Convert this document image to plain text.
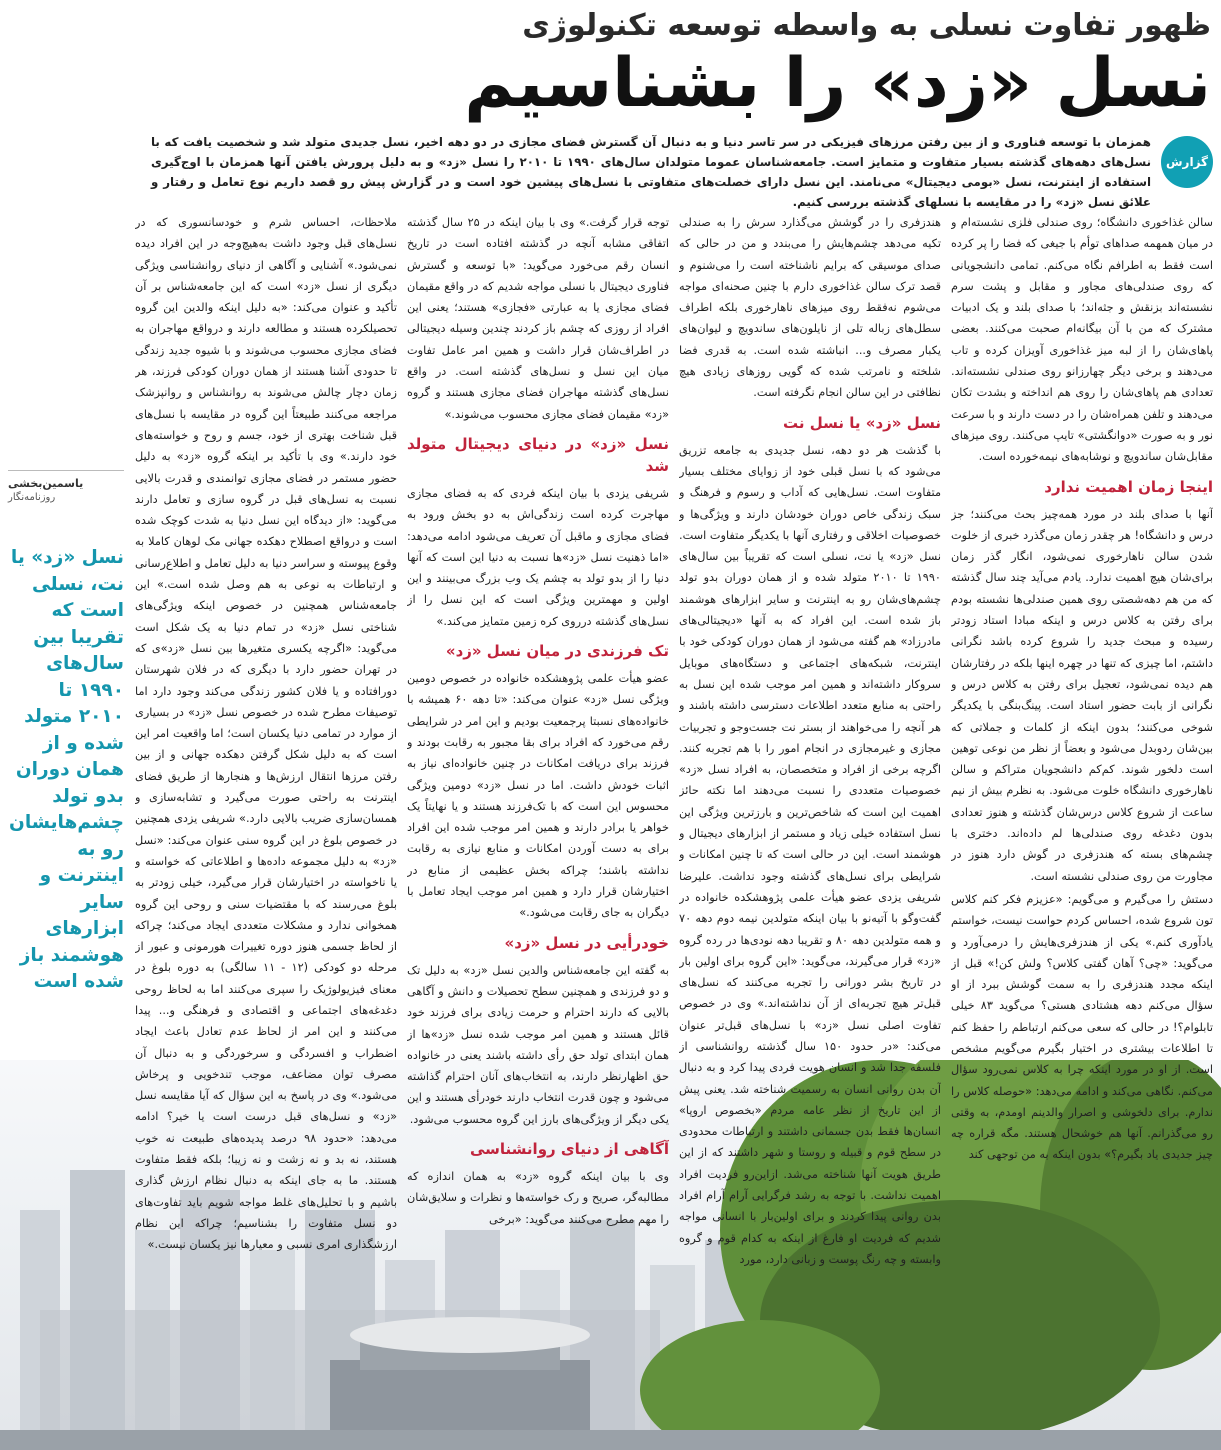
ظهور تفاوت نسلی به واسطه توسعه تکنولوژی
نسل «زد» را بشناسیم
گزارش

همزمان با توسعه فناوری و از بین رفتن مرزهای فیزیکی در سر تاسر دنیا و به دنبال آن گسترش فضای مجازی در دو دهه اخیر، نسل جدیدی متولد شد و شخصیت یافت که با نسل‌های دهه‌های گذشته بسیار متفاوت و متمایز است. جامعه‌شناسان عموما متولدان سال‌های ۱۹۹۰ تا ۲۰۱۰ را نسل «زد» و به دلیل پرورش یافتن آنها همزمان با اوج‌گیری استفاده از اینترنت، نسل «بومی دیجیتال» می‌نامند. این نسل دارای خصلت‌های متفاوتی با نسل‌های پیشین خود است و در گزارش پیش رو قصد داریم نوع تعامل و رفتار و علائق نسل «زد» را در مقایسه با نسلهای گذشته بررسی کنیم.

سالن غذاخوری دانشگاه؛ روی صندلی فلزی نشسته‌ام و در میان همهمه صداهای توأم با جیغی که فضا را پر کرده است فقط به اطرافم نگاه می‌کنم. تمامی دانشجویانی که روی صندلی‌های مجاور و مقابل و پشت سرم نشسته‌اند بزنقش و جثه‌اند؛ با صدای بلند و یک ادبیات مشترک که من با آن بیگانه‌ام صحبت می‌کنند. بعضی پاهای‌شان را از لبه میز غذاخوری آویزان کرده و تاب می‌دهند و برخی دیگر چهارزانو روی صندلی نشسته‌اند. تعدادی هم پاهای‌شان را روی هم انداخته و بشدت تکان می‌دهند و تلفن همراه‌شان را در دست دارند و با سرعت نور و به صورت «دوانگشتی» تایپ می‌کنند. روی میزهای مقابل‌شان ساندویچ و نوشابه‌های نیمه‌خورده است.

اینجا زمان اهمیت ندارد

آنها با صدای بلند در مورد همه‌چیز بحث می‌کنند؛ جز درس و دانشگاه! هر چقدر زمان می‌گذرد خبری از خلوت شدن سالن ناهارخوری نمی‌شود، انگار گذر زمان برای‌شان هیچ اهمیت ندارد. یادم می‌آید چند سال گذشته که من هم دهه‌شصتی روی همین صندلی‌ها نشسته بودم برای رفتن به کلاس درس و اینکه مبادا استاد زودتر رسیده و مبحث جدید را شروع کرده باشد نگرانی داشتم، اما چیزی که تنها در چهره اینها بلکه در رفتارشان هم دیده نمی‌شود، تعجیل برای رفتن به کلاس درس و نگرانی از بابت حضور استاد است. پینگ‌بنگی با یکدیگر شوخی می‌کنند؛ بدون اینکه از کلمات و جملاتی که بین‌شان ردوبدل می‌شود و بعضاً از نظر من نوعی توهین است دلخور شوند. کم‌کم دانشجویان متراکم و سالن ناهارخوری دانشگاه خلوت می‌شود. به نظرم بیش از نیم ساعت از شروع کلاس درس‌شان گذشته و هنوز تعدادی بدون دغدغه روی صندلی‌ها لم داده‌اند. دختری با چشم‌های بسته که هندزفری در گوش دارد هنوز در مجاورت من روی صندلی نشسته است.

دستش را می‌گیرم و می‌گویم: «عزیزم فکر کنم کلاس تون شروع شده، احساس کردم حواست نیست، خواستم یادآوری کنم.» یکی از هندزفری‌هایش را درمی‌آورد و می‌گوید: «چی؟ آهان گفتی کلاس؟ ولش کن!» قبل از اینکه مجدد هندزفری را به سمت گوشش ببرد از او سؤال می‌کنم دهه هشتادی هستی؟ می‌گوید ۸۳ خیلی تابلوام؟! در حالی که سعی می‌کنم ارتباطم را حفظ کنم تا اطلاعات بیشتری در اختیار بگیرم می‌گویم مشخص است. از او در مورد اینکه چرا به کلاس نمی‌رود سؤال می‌کنم. نگاهی می‌کند و ادامه می‌دهد: «حوصله کلاس را ندارم. برای دلخوشی و اصرار والدینم اومدم، به وقتی رو می‌گذرانم. آنها هم خوشحال هستند. مگه قراره چه چیز جدیدی یاد بگیرم؟» بدون اینکه به من توجهی کند

هندزفری را در گوشش می‌گذارد سرش را به صندلی تکیه می‌دهد چشم‌هایش را می‌بندد و من در حالی که صدای موسیقی که برایم ناشناخته است را می‌شنوم و قصد ترک سالن غذاخوری دارم با چنین صحنه‌ای مواجه می‌شوم نه‌فقط روی میزهای ناهارخوری بلکه اطراف سطل‌های زباله تلی از نایلون‌های ساندویچ و لیوان‌های یکبار مصرف و... انباشته شده است. به قدری فضا شلخته و نامرتب شده که گویی روزهای زیادی هیچ نظافتی در این سالن انجام نگرفته است.

نسل «زد» یا نسل نت

با گذشت هر دو دهه، نسل جدیدی به جامعه تزریق می‌شود که با نسل قبلی خود از زوایای مختلف بسیار متفاوت است. نسل‌هایی که آداب و رسوم و فرهنگ و سبک زندگی خاص دوران خودشان دارند و ویژگی‌ها و خصوصیات اخلاقی و رفتاری آنها با یکدیگر متفاوت است. نسل «زد» یا نت، نسلی است که تقریباً بین سال‌های ۱۹۹۰ تا ۲۰۱۰ متولد شده و از همان دوران بدو تولد چشم‌های‌شان رو به اینترنت و سایر ابزارهای هوشمند باز شده است. این افراد که به آنها «دیجیتالی‌های مادرزاد» هم گفته می‌شود از همان دوران کودکی خود با اینترنت، شبکه‌های اجتماعی و دستگاه‌های موبایل سروکار داشته‌اند و همین امر موجب شده این نسل به راحتی به منابع متعدد اطلاعات دسترسی داشته باشند و هر آنچه را می‌خواهند از بستر نت جست‌وجو و تجربیات مجازی و غیرمجازی در انجام امور را با هم تجربه کنند. اگرچه برخی از افراد و متخصصان، به افراد نسل «زد» خصوصیات متعددی را نسبت می‌دهند اما نکته حائز اهمیت این است که شاخص‌ترین و بارزترین ویژگی این نسل استفاده خیلی زیاد و مستمر از ابزارهای دیجیتال و هوشمند است. این در حالی است که تا چنین امکانات و شرایطی برای نسل‌های گذشته وجود نداشت. علیرضا شریفی یزدی عضو هیأت علمی پژوهشکده خانواده در گفت‌وگو با آتیه‌نو با بیان اینکه متولدین نیمه دوم دهه ۷۰ و همه متولدین دهه ۸۰ و تقریبا دهه نودی‌ها در رده گروه «زد» قرار می‌گیرند، می‌گوید: «این گروه برای اولین بار در تاریخ بشر دورانی را تجربه می‌کنند که نسل‌های قبل‌تر هیچ تجربه‌ای از آن نداشته‌اند.» وی در خصوص تفاوت اصلی نسل «زد» با نسل‌های قبل‌تر عنوان می‌کند: «در حدود ۱۵۰ سال گذشته روانشناسی از فلسفه جدا شد و انسان هویت فردی پیدا کرد و به دنبال آن بدن روانی انسان به رسمیت شناخته شد. یعنی پیش از این تاریخ از نظر عامه مردم «بخصوص اروپا» انسان‌ها فقط بدن جسمانی داشتند و ارتباطات محدودی در سطح قوم و قبیله و روستا و شهر داشتند که از این طریق هویت آنها شناخته می‌شد. ازاین‌رو فردیت افراد اهمیت نداشت. با توجه به رشد فرگرایی آرام آرام افراد بدن روانی پیدا کردند و برای اولین‌بار با انسانی مواجه شدیم که فردیت او فارغ از اینکه به کدام قوم و گروه وابسته و چه رنگ پوست و زبانی دارد، مورد

توجه قرار گرفت.» وی با بیان اینکه در ۲۵ سال گذشته اتفاقی مشابه آنچه در گذشته افتاده است در تاریخ انسان رقم می‌خورد می‌گوید: «با توسعه و گسترش فناوری دیجیتال با نسلی مواجه شدیم که در واقع مقیمان فضای مجازی یا به عبارتی «فجازی» هستند؛ یعنی این افراد از روزی که چشم باز کردند چندین وسیله دیجیتالی در اطراف‌شان قرار داشت و همین امر عامل تفاوت میان این نسل و نسل‌های گذشته است. در واقع نسل‌های گذشته مهاجران فضای مجازی هستند و گروه «زد» مقیمان فضای مجازی محسوب می‌شوند.»

نسل «زد» در دنیای دیجیتال متولد شد

شریفی یزدی با بیان اینکه فردی که به فضای مجازی مهاجرت کرده است زندگی‌اش به دو بخش ورود به فضای مجازی و ماقبل آن تعریف می‌شود ادامه می‌دهد: «اما ذهنیت نسل «زد»ها نسبت به دنیا این است که آنها دنیا را از بدو تولد به چشم یک وب بزرگ می‌بینند و این اولین و مهمترین ویژگی است که این نسل را از نسل‌های گذشته درروی کره زمین متمایز می‌کند.»

تک فرزندی در میان نسل «زد»

عضو هیأت علمی پژوهشکده خانواده در خصوص دومین ویژگی نسل «زد» عنوان می‌کند: «تا دهه ۶۰ همیشه با خانواده‌های نسبتا پرجمعیت بودیم و این امر در شرایطی رقم می‌خورد که افراد برای بقا مجبور به رقابت بودند و فرزند برای دریافت امکانات در چنین خانواده‌ای نیاز به اثبات خودش داشت. اما در نسل «زد» دومین ویژگی محسوس این است که با تک‌فرزند هستند و یا نهایتاً یک خواهر یا برادر دارند و همین امر موجب شده این افراد برای به دست آوردن امکانات و منابع نیازی به رقابت نداشته باشند؛ چراکه بخش عظیمی از منابع در اختیارشان قرار دارد و همین امر موجب ایجاد تعامل با دیگران به جای رقابت می‌شود.»

خودرأیی در نسل «زد»

به گفته این جامعه‌شناس والدین نسل «زد» به دلیل تک و دو فرزندی و همچنین سطح تحصیلات و دانش و آگاهی بالایی که دارند احترام و حرمت زیادی برای فرزند خود قائل هستند و همین امر موجب شده نسل «زد»ها از همان ابتدای تولد حق رأی داشته باشند یعنی در خانواده حق اظهارنظر دارند، به انتخاب‌های آنان احترام گذاشته می‌شود و چون قدرت انتخاب دارند خودرأی هستند و این یکی دیگر از ویژگی‌های بارز این گروه محسوب می‌شود.

آگاهی از دنیای روانشناسی

وی با بیان اینکه گروه «زد» به همان اندازه که مطالبه‌گر، صریح و رک خواسته‌ها و نظرات و سلایق‌شان را مهم مطرح می‌کنند می‌گوید: «برخی

ملاحظات، احساس شرم و خودسانسوری که در نسل‌های قبل وجود داشت به‌هیچ‌وجه در این افراد دیده نمی‌شود.» آشنایی و آگاهی از دنیای روانشناسی ویژگی دیگری از نسل «زد» است که این جامعه‌شناس بر آن تأکید و عنوان می‌کند: «به دلیل اینکه والدین این گروه تحصیلکرده هستند و مطالعه دارند و درواقع مهاجران به فضای مجازی محسوب می‌شوند و با شیوه جدید زندگی تا حدودی آشنا هستند از همان دوران کودکی فرزند، هر زمان دچار چالش می‌شوند به روانشناس و روانپزشک مراجعه می‌کنند طبیعتاً این گروه در مقایسه با نسل‌های قبل شناخت بهتری از خود، جسم و روح و خواسته‌های خود دارند.» وی با تأکید بر اینکه گروه «زد» به دلیل حضور مستمر در فضای مجازی توانمندی و قدرت بالایی نسبت به نسل‌های قبل در گروه سازی و تعامل دارند می‌گوید: «از دیدگاه این نسل دنیا به شدت کوچک شده است و درواقع اصطلاح دهکده جهانی مک لوهان کاملا به وقوع پیوسته و سراسر دنیا به دلیل تعامل و اطلاع‌رسانی و ارتباطات به نوعی به هم وصل شده است.» این جامعه‌شناس همچنین در خصوص اینکه ویژگی‌های شناختی نسل «زد» در تمام دنیا به یک شکل است می‌گوید: «اگرچه یکسری متغیرها بین نسل «زد»ی که در تهران حضور دارد با دیگری که در فلان شهرستان دورافتاده و یا فلان کشور زندگی می‌کند وجود دارد اما توصیفات مطرح شده در خصوص نسل «زد» در بسیاری از موارد در تمامی دنیا یکسان است؛ اما واقعیت امر این است که به دلیل شکل گرفتن دهکده جهانی و از بین رفتن مرزها انتقال ارزش‌ها و هنجارها از طریق فضای اینترنت به راحتی صورت می‌گیرد و تشابه‌سازی و همسان‌سازی ضریب بالایی دارد.» شریفی یزدی همچنین در خصوص بلوغ در این گروه سنی عنوان می‌کند: «نسل «زد» به دلیل مجموعه داده‌ها و اطلاعاتی که خواسته و یا ناخواسته در اختیارشان قرار می‌گیرد، خیلی زودتر به بلوغ می‌رسند که با مقتضیات سنی و روحی این گروه همخوانی ندارد و مشکلات متعددی ایجاد می‌کند؛ چراکه از لحاظ جسمی هنوز دوره تغییرات هورمونی و عبور از مرحله دو کودکی (۱۲ - ۱۱ سالگی) به دوره بلوغ در معنای فیزیولوژیک را سپری می‌کنند اما به لحاظ روحی دغدغه‌های اجتماعی و اقتصادی و فرهنگی و... پیدا می‌کنند و این امر از لحاظ عدم تعادل باعث ایجاد اضطراب و افسردگی و سرخوردگی و به دنبال آن مصرف توان مضاعف، موجب تندخویی و پرخاش می‌شود.» وی در پاسخ به این سؤال که آیا مقایسه نسل «زد» و نسل‌های قبل درست است یا خیر؟ ادامه می‌دهد: «حدود ۹۸ درصد پدیده‌های طبیعت نه خوب هستند، نه بد و نه زشت و نه زیبا؛ بلکه فقط متفاوت هستند. ما به جای اینکه به دنبال نظام ارزش گذاری باشیم و با تحلیل‌های غلط مواجه شویم باید تفاوت‌های دو نسل متفاوت را بشناسیم؛ چراکه این نظام ارزشگذاری امری نسبی و معیارها نیز یکسان نیست.»

یاسمین‌بخشی

روزنامه‌نگار

نسل «زد» یا نت، نسلی است که تقریبا بین سال‌های ۱۹۹۰ تا ۲۰۱۰ متولد شده و از همان دوران بدو تولد چشم‌هایشان رو به اینترنت و سایر ابزارهای هوشمند باز شده است
